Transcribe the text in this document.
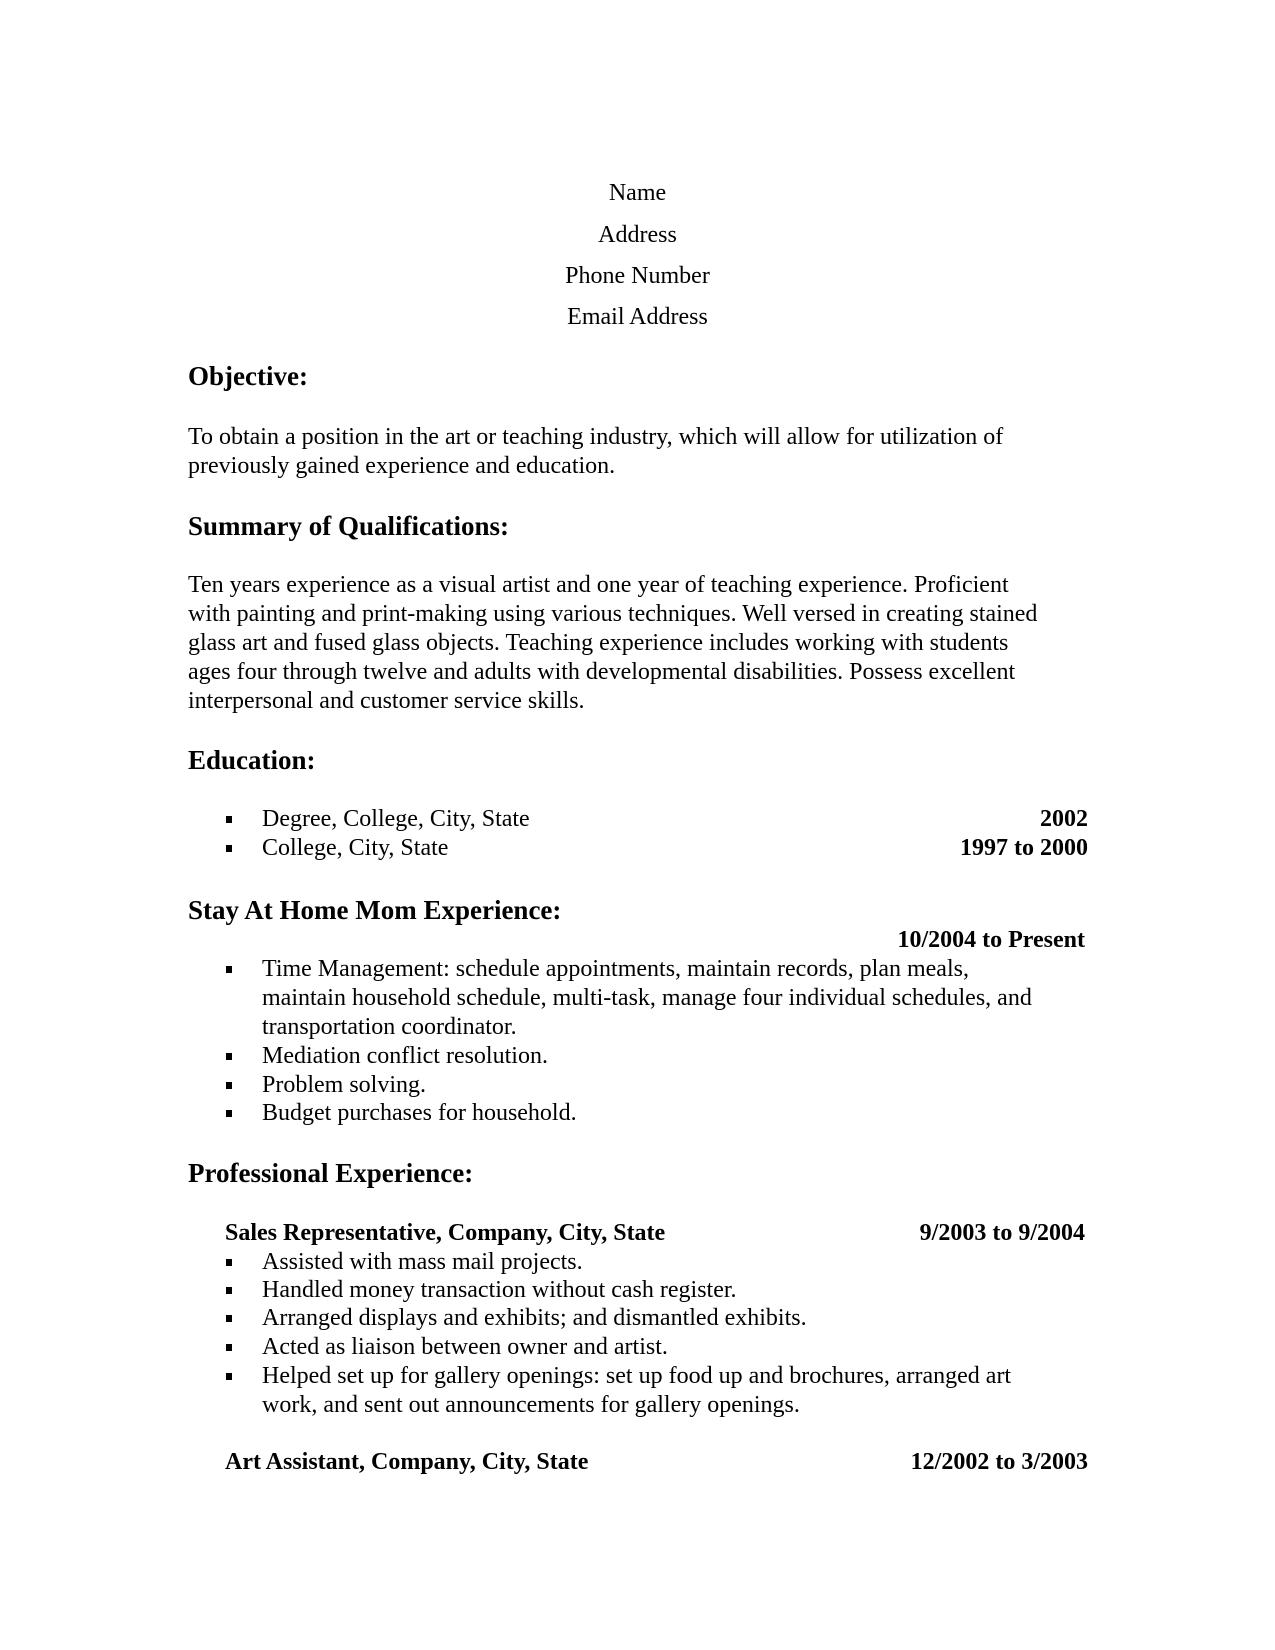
Name
Address
Phone Number
Email Address
Objective:
To obtain a position in the art or teaching industry, which will allow for utilization of
previously gained experience and education.
Summary of Qualifications:
Ten years experience as a visual artist and one year of teaching experience. Proficient
with painting and print-making using various techniques. Well versed in creating stained
glass art and fused glass objects. Teaching experience includes working with students
ages four through twelve and adults with developmental disabilities. Possess excellent
interpersonal and customer service skills.
Education:
Degree, College, City, State	2002
College, City, State	1997 to 2000
Stay At Home Mom Experience:
10/2004 to Present
Time Management: schedule appointments, maintain records, plan meals,
maintain household schedule, multi-task, manage four individual schedules, and
transportation coordinator.
Mediation conflict resolution.
Problem solving.
Budget purchases for household.
Professional Experience:
Sales Representative, Company, City, State	9/2003 to 9/2004
Assisted with mass mail projects.
Handled money transaction without cash register.
Arranged displays and exhibits; and dismantled exhibits.
Acted as liaison between owner and artist.
Helped set up for gallery openings: set up food up and brochures, arranged art
work, and sent out announcements for gallery openings.
Art Assistant, Company, City, State	12/2002 to 3/2003
